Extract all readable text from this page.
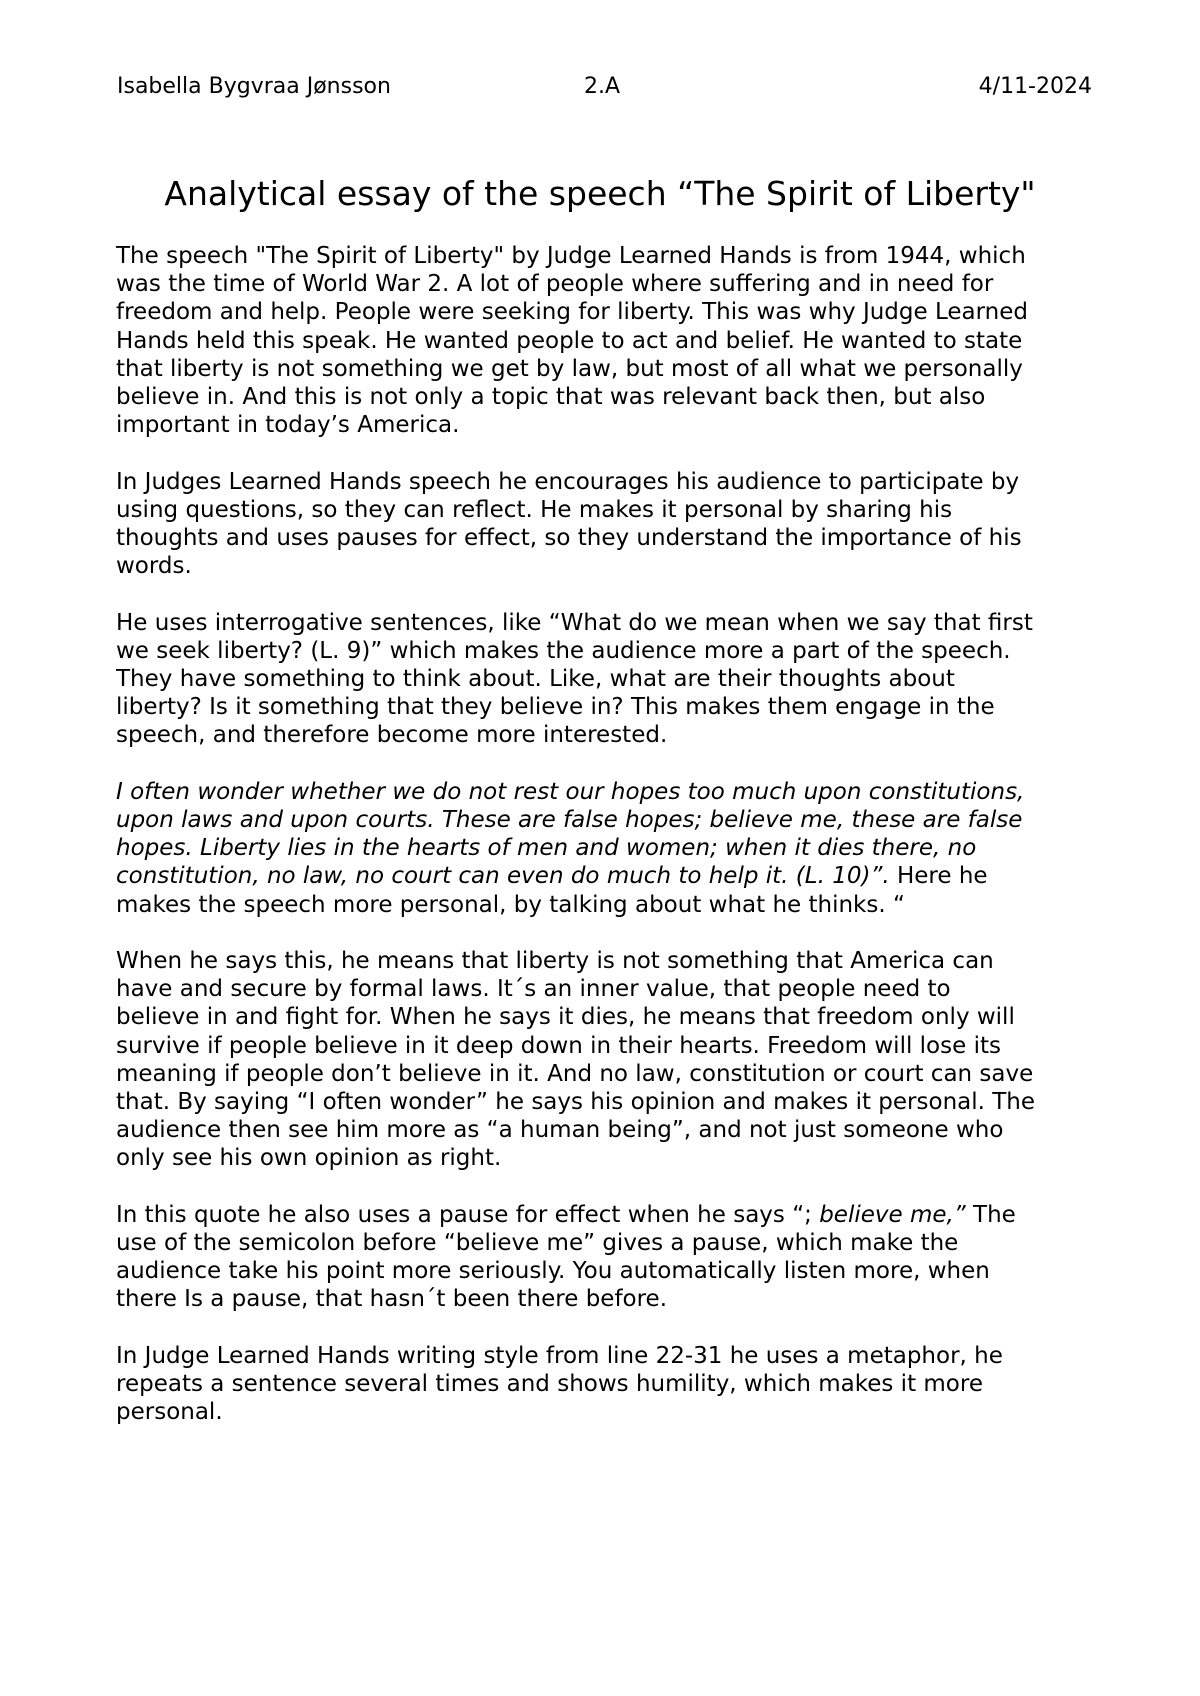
Isabella Bygvraa Jønsson	2.A	4/11-2024
Analytical essay of the speech “The Spirit of Liberty"

The speech "The Spirit of Liberty" by Judge Learned Hands is from 1944, which
was the time of World War 2. A lot of people where suffering and in need for
freedom and help. People were seeking for liberty. This was why Judge Learned
Hands held this speak. He wanted people to act and belief. He wanted to state
that liberty is not something we get by law, but most of all what we personally
believe in. And this is not only a topic that was relevant back then, but also
important in today’s America.

In Judges Learned Hands speech he encourages his audience to participate by
using questions, so they can reflect. He makes it personal by sharing his
thoughts and uses pauses for effect, so they understand the importance of his
words.

He uses interrogative sentences, like “What do we mean when we say that first
we seek liberty? (L. 9)” which makes the audience more a part of the speech.
They have something to think about. Like, what are their thoughts about
liberty? Is it something that they believe in? This makes them engage in the
speech, and therefore become more interested.

I often wonder whether we do not rest our hopes too much upon constitutions,
upon laws and upon courts. These are false hopes; believe me, these are false
hopes. Liberty lies in the hearts of men and women; when it dies there, no
constitution, no law, no court can even do much to help it. (L. 10)”. Here he
makes the speech more personal, by talking about what he thinks. “

When he says this, he means that liberty is not something that America can
have and secure by formal laws. It´s an inner value, that people need to
believe in and fight for. When he says it dies, he means that freedom only will
survive if people believe in it deep down in their hearts. Freedom will lose its
meaning if people don’t believe in it. And no law, constitution or court can save
that. By saying “I often wonder” he says his opinion and makes it personal. The
audience then see him more as “a human being”, and not just someone who
only see his own opinion as right.

In this quote he also uses a pause for effect when he says “; believe me,” The
use of the semicolon before “believe me” gives a pause, which make the
audience take his point more seriously. You automatically listen more, when
there Is a pause, that hasn´t been there before.

In Judge Learned Hands writing style from line 22-31 he uses a metaphor, he
repeats a sentence several times and shows humility, which makes it more
personal.
